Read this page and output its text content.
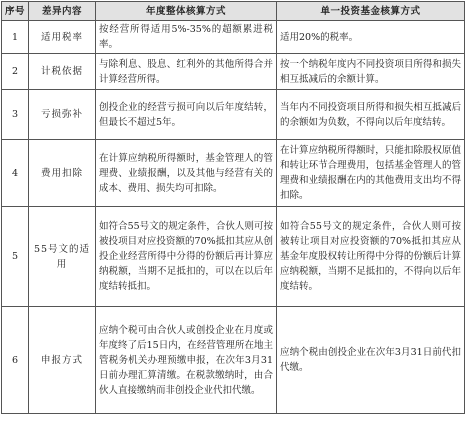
序号	差异内容	年度整体核算方式	单一投资基金核算方式
1	适用税率	按经营所得适用5%-35%的超额累进税率。	适用20%的税率。
2	计税依据	与除利息、股息、红利外的其他所得合并计算经营所得。	按一个纳税年度内不同投资项目所得和损失相互抵减后的余额计算。
3	亏损弥补	创投企业的经营亏损可向以后年度结转，但最长不超过5年。	当年内不同投资项目所得和损失相互抵减后的余额如为负数，不得向以后年度结转。
4	费用扣除	在计算应纳税所得额时，基金管理人的管理费、业绩报酬，以及其他与经营有关的成本、费用、损失均可扣除。	在计算应纳税所得额时，只能扣除股权原值和转让环节合理费用，包括基金管理人的管理费和业绩报酬在内的其他费用支出均不得扣除。
5	55号文的适用	如符合55号文的规定条件，合伙人则可按被投项目对应投资额的70%抵扣其应从创投企业经营所得中分得的份额后再计算应纳税额，当期不足抵扣的，可以在以后年度结转抵扣。	如符合55号文的规定条件，合伙人则可按被转让项目对应投资额的70%抵扣其应从基金年度股权转让所得中分得的份额后计算应纳税额，当期不足抵扣的，不得向以后年度结转。
6	申报方式	应纳个税可由合伙人或创投企业在月度或年度终了后15日内，在经营管理所在地主管税务机关办理预缴申报，在次年3月31日前办理汇算清缴。在税款缴纳时，由合伙人直接缴纳而非创投企业代扣代缴。	应纳个税由创投企业在次年3月31日前代扣代缴。
